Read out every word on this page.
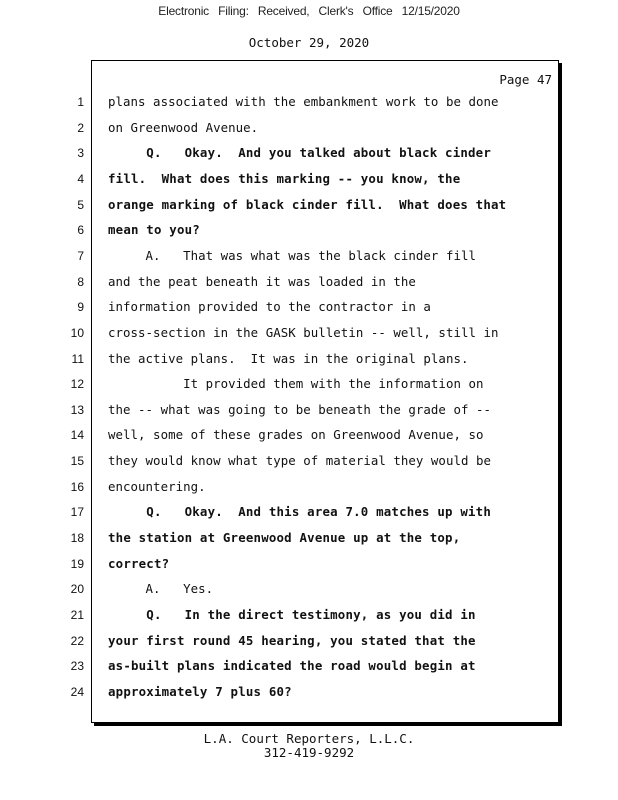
Electronic Filing: Received, Clerk's Office 12/15/2020
October 29, 2020
Page 47
1 plans associated with the embankment work to be done
2 on Greenwood Avenue.
3 Q.   Okay.  And you talked about black cinder
4 fill.  What does this marking -- you know, the
5 orange marking of black cinder fill.  What does that
6 mean to you?
7 A.   That was what was the black cinder fill
8 and the peat beneath it was loaded in the
9 information provided to the contractor in a
10 cross-section in the GASK bulletin -- well, still in
11 the active plans.  It was in the original plans.
12 It provided them with the information on
13 the -- what was going to be beneath the grade of --
14 well, some of these grades on Greenwood Avenue, so
15 they would know what type of material they would be
16 encountering.
17 Q.   Okay.  And this area 7.0 matches up with
18 the station at Greenwood Avenue up at the top,
19 correct?
20 A.   Yes.
21 Q.   In the direct testimony, as you did in
22 your first round 45 hearing, you stated that the
23 as-built plans indicated the road would begin at
24 approximately 7 plus 60?
L.A. Court Reporters, L.L.C.
312-419-9292
